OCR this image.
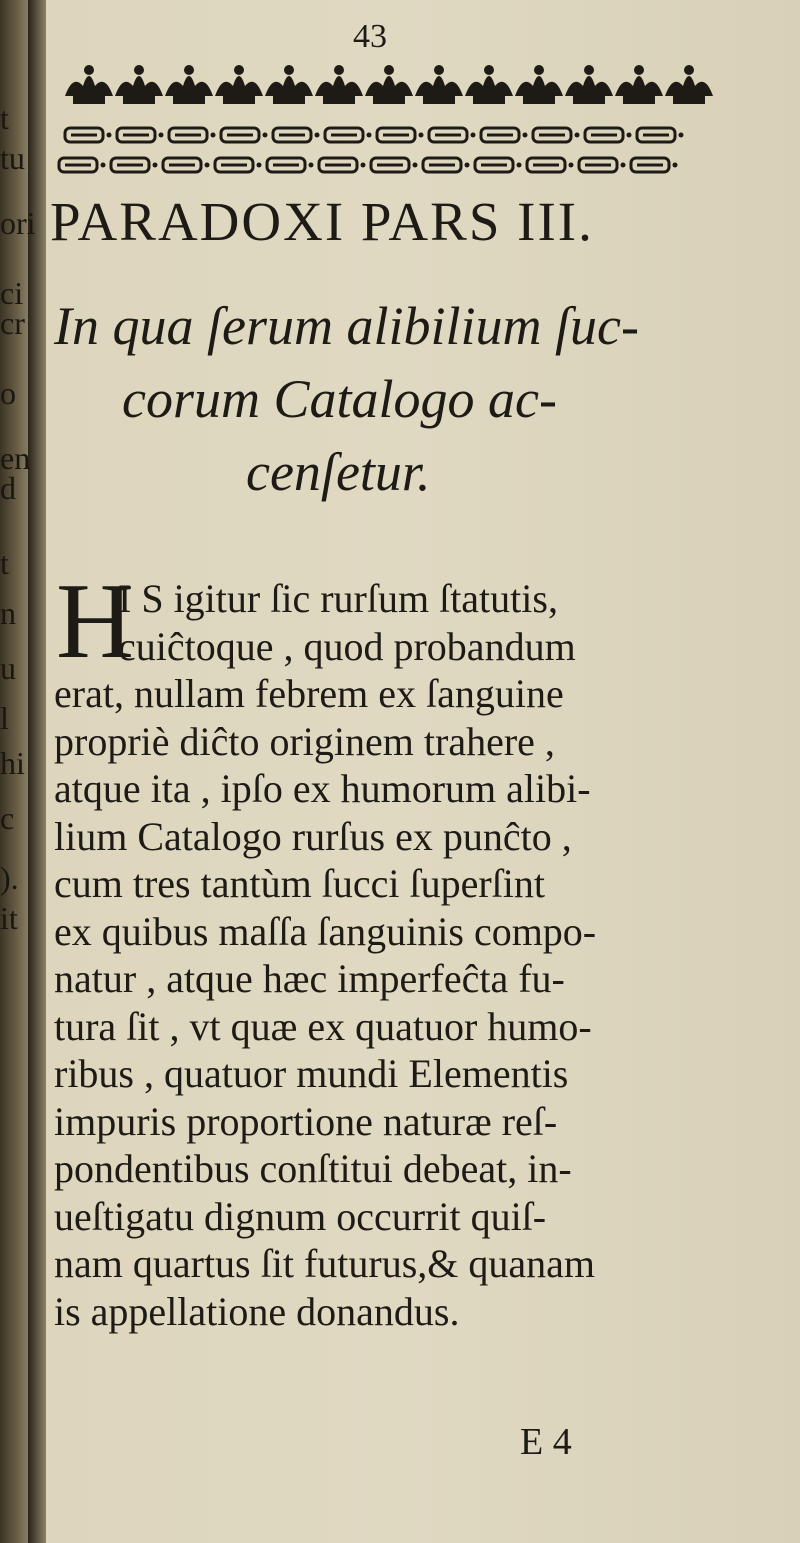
t
tu
ori
ci
cr
o
en
d
t
n
u
l
hi
c
).
it
43
PARADOXI PARS III.
In qua ſerum alibilium ſuc-
corum Catalogo ac-
cenſetur.
H
I S igitur ſic rurſum ſtatutis,
cuiĉtoque , quod probandum
erat, nullam febrem ex ſanguine
propriè diĉto originem trahere ,
atque ita , ipſo ex humorum alibi-
lium Catalogo rurſus ex punĉto ,
cum tres tantùm ſucci ſuperſint
ex quibus maſſa ſanguinis compo-
natur , atque hæc imperfeĉta fu-
tura ſit , vt quæ ex quatuor humo-
ribus , quatuor mundi Elementis
impuris proportione naturæ reſ-
pondentibus conſtitui debeat, in-
ueſtigatu dignum occurrit quiſ-
nam quartus ſit futurus,& quanam
is appellatione donandus.
E 4
